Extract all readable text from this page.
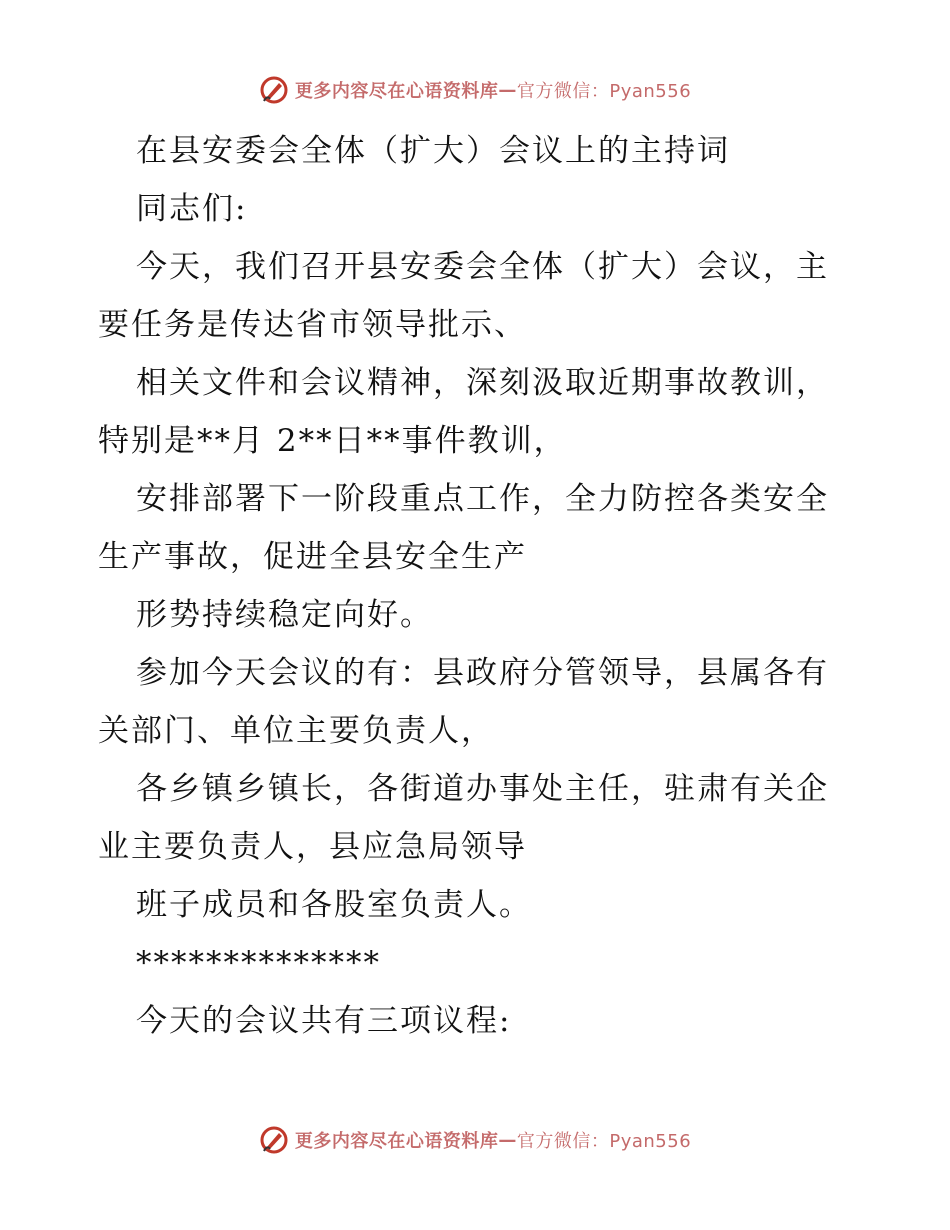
更多内容尽在心语资料库 — 官方微信：Pyan556
在县安委会全体（扩大）会议上的主持词
同志们:
今天，我们召开县安委会全体（扩大）会议，主
要任务是传达省市领导批示、
相关文件和会议精神，深刻汲取近期事故教训，
特别是**月 2**日**事件教训，
安排部署下一阶段重点工作，全力防控各类安全
生产事故，促进全县安全生产
形势持续稳定向好。
参加今天会议的有：县政府分管领导，县属各有
关部门、单位主要负责人，
各乡镇乡镇长，各街道办事处主任，驻肃有关企
业主要负责人，县应急局领导
班子成员和各股室负责人。
**************
今天的会议共有三项议程:
更多内容尽在心语资料库 — 官方微信：Pyan556
